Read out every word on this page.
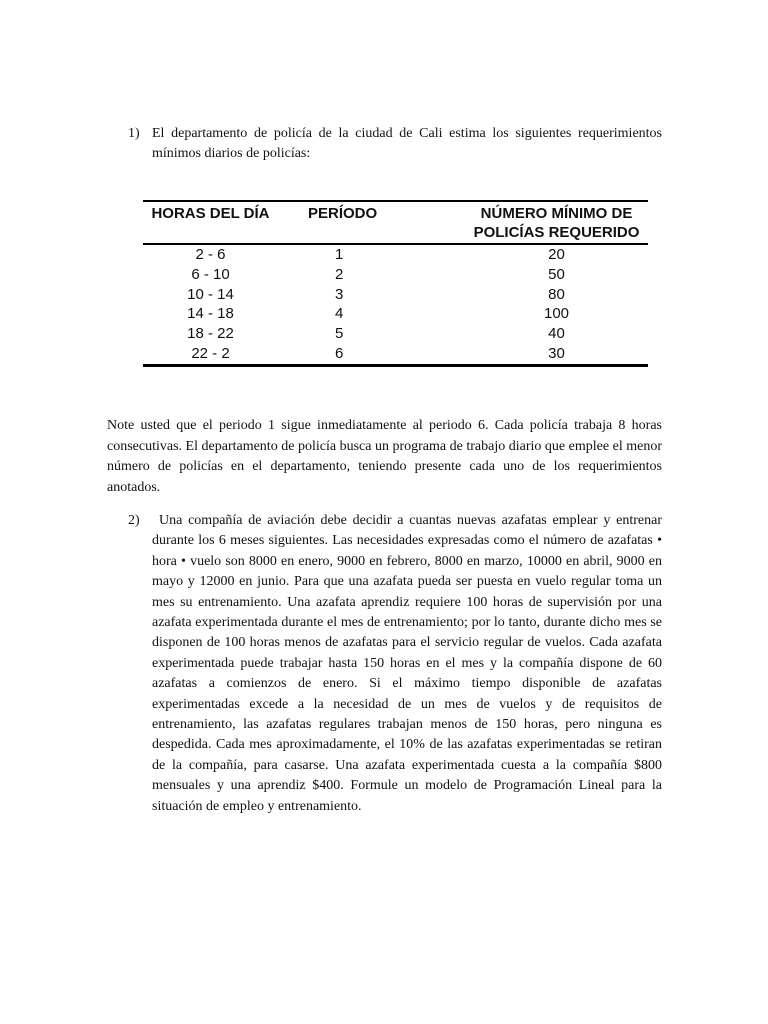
1) El departamento de policía de la ciudad de Cali estima los siguientes requerimientos mínimos diarios de policías:
HORAS DEL DÍA	PERÍODO	NÚMERO MÍNIMO DE POLICÍAS REQUERIDO
2 - 6	1	20
6 - 10	2	50
10 - 14	3	80
14 - 18	4	100
18 - 22	5	40
22 - 2	6	30
Note usted que el periodo 1 sigue inmediatamente al periodo 6. Cada policía trabaja 8 horas consecutivas. El departamento de policía busca un programa de trabajo diario que emplee el menor número de policías en el departamento, teniendo presente cada uno de los requerimientos anotados.
2)	Una compañía de aviación debe decidir a cuantas nuevas azafatas emplear y entrenar durante los 6 meses siguientes. Las necesidades expresadas como el número de azafatas • hora • vuelo son 8000 en enero, 9000 en febrero, 8000 en marzo, 10000 en abril, 9000 en mayo y 12000 en junio. Para que una azafata pueda ser puesta en vuelo regular toma un mes su entrenamiento. Una azafata aprendiz requiere 100 horas de supervisión por una azafata experimentada durante el mes de entrenamiento; por lo tanto, durante dicho mes se disponen de 100 horas menos de azafatas para el servicio regular de vuelos. Cada azafata experimentada puede trabajar hasta 150 horas en el mes y la compañía dispone de 60 azafatas a comienzos de enero. Si el máximo tiempo disponible de azafatas experimentadas excede a la necesidad de un mes de vuelos y de requisitos de entrenamiento, las azafatas regulares trabajan menos de 150 horas, pero ninguna es despedida. Cada mes aproximadamente, el 10% de las azafatas experimentadas se retiran de la compañía, para casarse. Una azafata experimentada cuesta a la compañía $800 mensuales y una aprendiz $400. Formule un modelo de Programación Lineal para la situación de empleo y entrenamiento.
